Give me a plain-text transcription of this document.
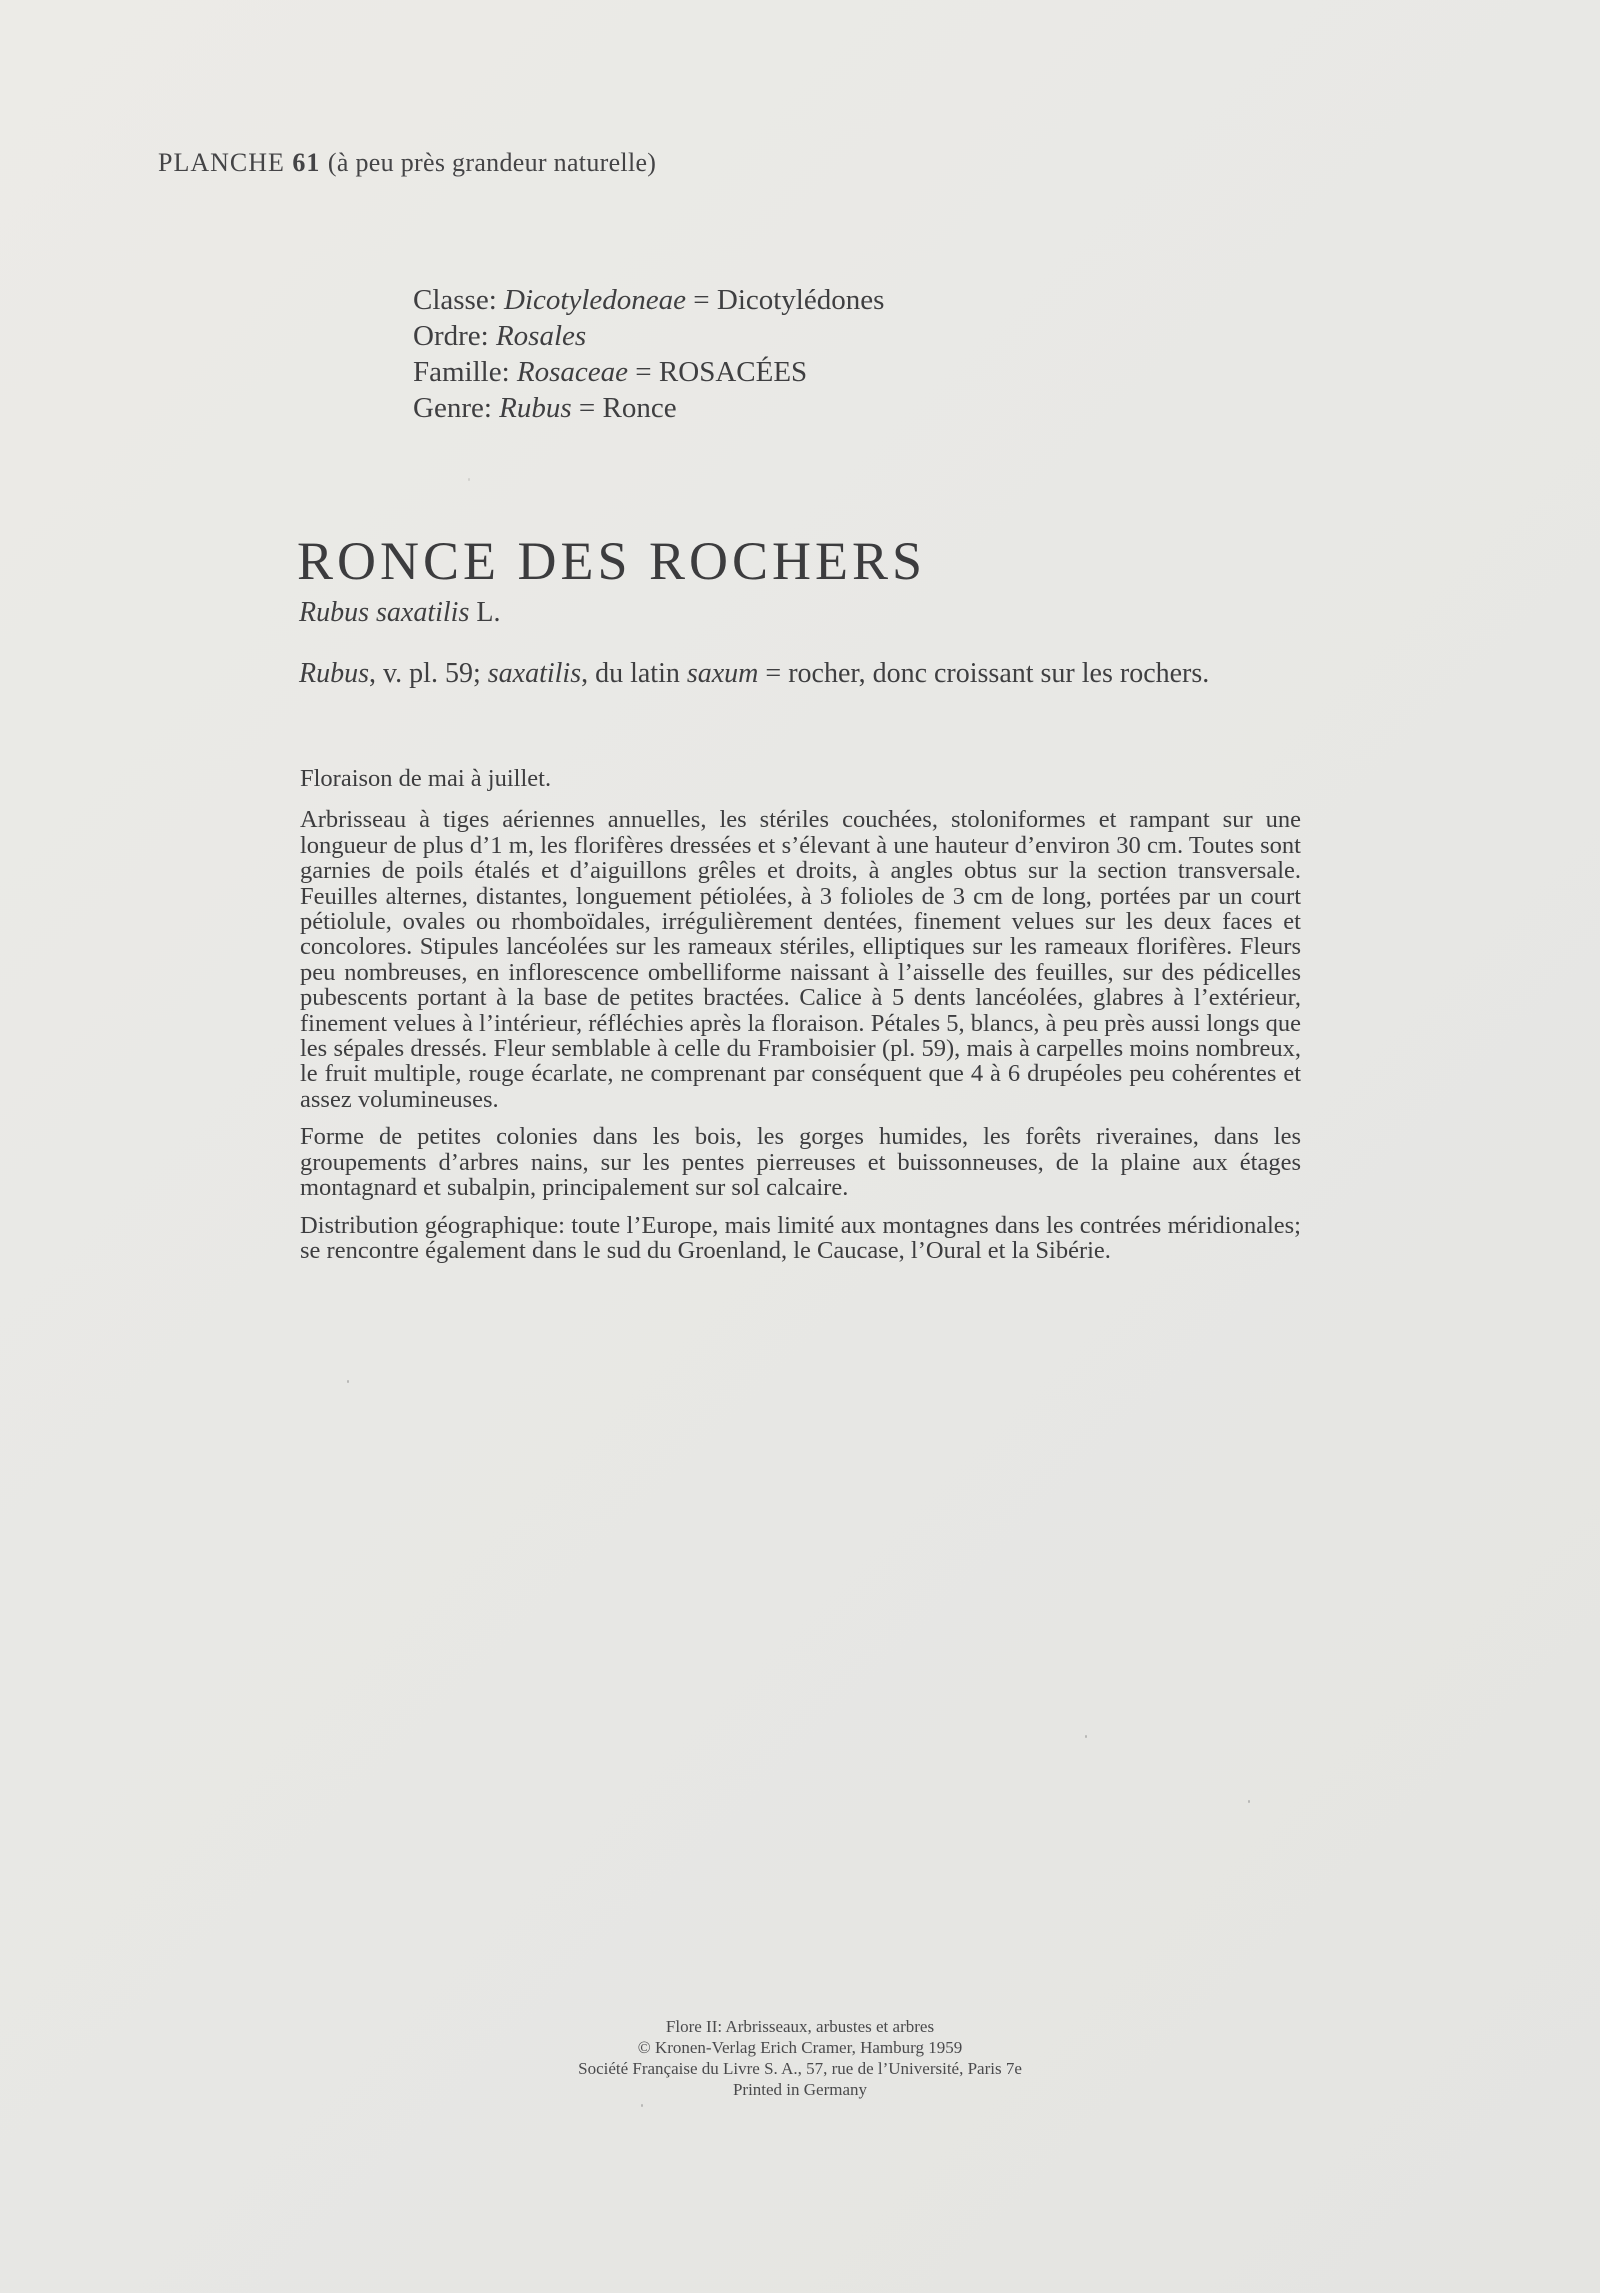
PLANCHE 61 (à peu près grandeur naturelle)
Classe: Dicotyledoneae = Dicotylédones
Ordre: Rosales
Famille: Rosaceae = ROSACÉES
Genre: Rubus = Ronce
RONCE DES ROCHERS
Rubus saxatilis L.
Rubus, v. pl. 59; saxatilis, du latin saxum = rocher, donc croissant sur les rochers.

Floraison de mai à juillet.

Arbrisseau à tiges aériennes annuelles, les stériles couchées, stoloniformes et rampant sur une longueur de plus d’1 m, les florifères dressées et s’élevant à une hauteur d’environ 30 cm. Toutes sont garnies de poils étalés et d’aiguillons grêles et droits, à angles obtus sur la section transversale. Feuilles alternes, distantes, longuement pétiolées, à 3 folioles de 3 cm de long, portées par un court pétiolule, ovales ou rhomboïdales, irrégulièrement dentées, finement velues sur les deux faces et concolores. Stipules lancéolées sur les rameaux stériles, elliptiques sur les rameaux florifères. Fleurs peu nombreuses, en inflorescence ombelliforme naissant à l’aisselle des feuilles, sur des pédicelles pubescents portant à la base de petites bractées. Calice à 5 dents lancéolées, glabres à l’extérieur, finement velues à l’intérieur, réfléchies après la floraison. Pétales 5, blancs, à peu près aussi longs que les sépales dressés. Fleur semblable à celle du Framboisier (pl. 59), mais à carpelles moins nombreux, le fruit multiple, rouge écarlate, ne comprenant par conséquent que 4 à 6 drupéoles peu cohérentes et assez volumineuses.

Forme de petites colonies dans les bois, les gorges humides, les forêts riveraines, dans les groupements d’arbres nains, sur les pentes pierreuses et buissonneuses, de la plaine aux étages montagnard et subalpin, principalement sur sol calcaire.

Distribution géographique: toute l’Europe, mais limité aux montagnes dans les contrées méridionales; se rencontre également dans le sud du Groenland, le Caucase, l’Oural et la Sibérie.

Flore II: Arbrisseaux, arbustes et arbres
© Kronen-Verlag Erich Cramer, Hamburg 1959
Société Française du Livre S. A., 57, rue de l’Université, Paris 7e
Printed in Germany
